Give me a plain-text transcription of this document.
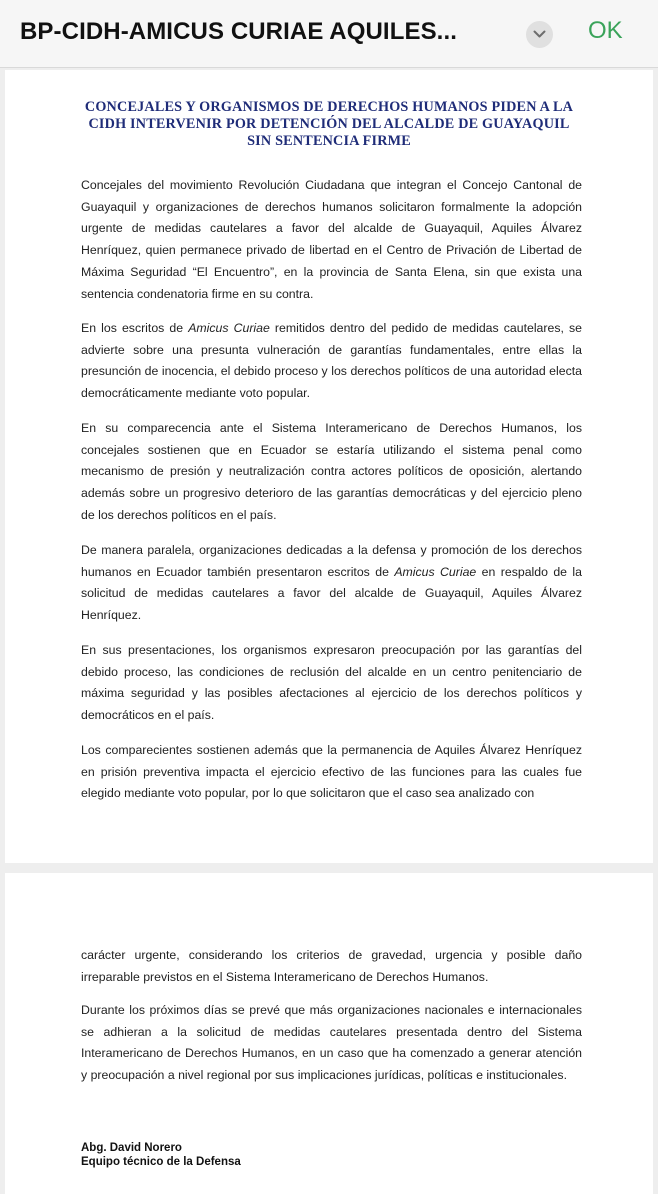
BP-CIDH-AMICUS CURIAE AQUILES...	OK
CONCEJALES Y ORGANISMOS DE DERECHOS HUMANOS PIDEN A LA
CIDH INTERVENIR POR DETENCIÓN DEL ALCALDE DE GUAYAQUIL
SIN SENTENCIA FIRME

Concejales del movimiento Revolución Ciudadana que integran el Concejo Cantonal de Guayaquil y organizaciones de derechos humanos solicitaron formalmente la adopción urgente de medidas cautelares a favor del alcalde de Guayaquil, Aquiles Álvarez Henríquez, quien permanece privado de libertad en el Centro de Privación de Libertad de Máxima Seguridad “El Encuentro”, en la provincia de Santa Elena, sin que exista una sentencia condenatoria firme en su contra.

En los escritos de Amicus Curiae remitidos dentro del pedido de medidas cautelares, se advierte sobre una presunta vulneración de garantías fundamentales, entre ellas la presunción de inocencia, el debido proceso y los derechos políticos de una autoridad electa democráticamente mediante voto popular.

En su comparecencia ante el Sistema Interamericano de Derechos Humanos, los concejales sostienen que en Ecuador se estaría utilizando el sistema penal como mecanismo de presión y neutralización contra actores políticos de oposición, alertando además sobre un progresivo deterioro de las garantías democráticas y del ejercicio pleno de los derechos políticos en el país.

De manera paralela, organizaciones dedicadas a la defensa y promoción de los derechos humanos en Ecuador también presentaron escritos de Amicus Curiae en respaldo de la solicitud de medidas cautelares a favor del alcalde de Guayaquil, Aquiles Álvarez Henríquez.

En sus presentaciones, los organismos expresaron preocupación por las garantías del debido proceso, las condiciones de reclusión del alcalde en un centro penitenciario de máxima seguridad y las posibles afectaciones al ejercicio de los derechos políticos y democráticos en el país.

Los comparecientes sostienen además que la permanencia de Aquiles Álvarez Henríquez en prisión preventiva impacta el ejercicio efectivo de las funciones para las cuales fue elegido mediante voto popular, por lo que solicitaron que el caso sea analizado con

carácter urgente, considerando los criterios de gravedad, urgencia y posible daño irreparable previstos en el Sistema Interamericano de Derechos Humanos.

Durante los próximos días se prevé que más organizaciones nacionales e internacionales se adhieran a la solicitud de medidas cautelares presentada dentro del Sistema Interamericano de Derechos Humanos, en un caso que ha comenzado a generar atención y preocupación a nivel regional por sus implicaciones jurídicas, políticas e institucionales.

Abg. David Norero
Equipo técnico de la Defensa
